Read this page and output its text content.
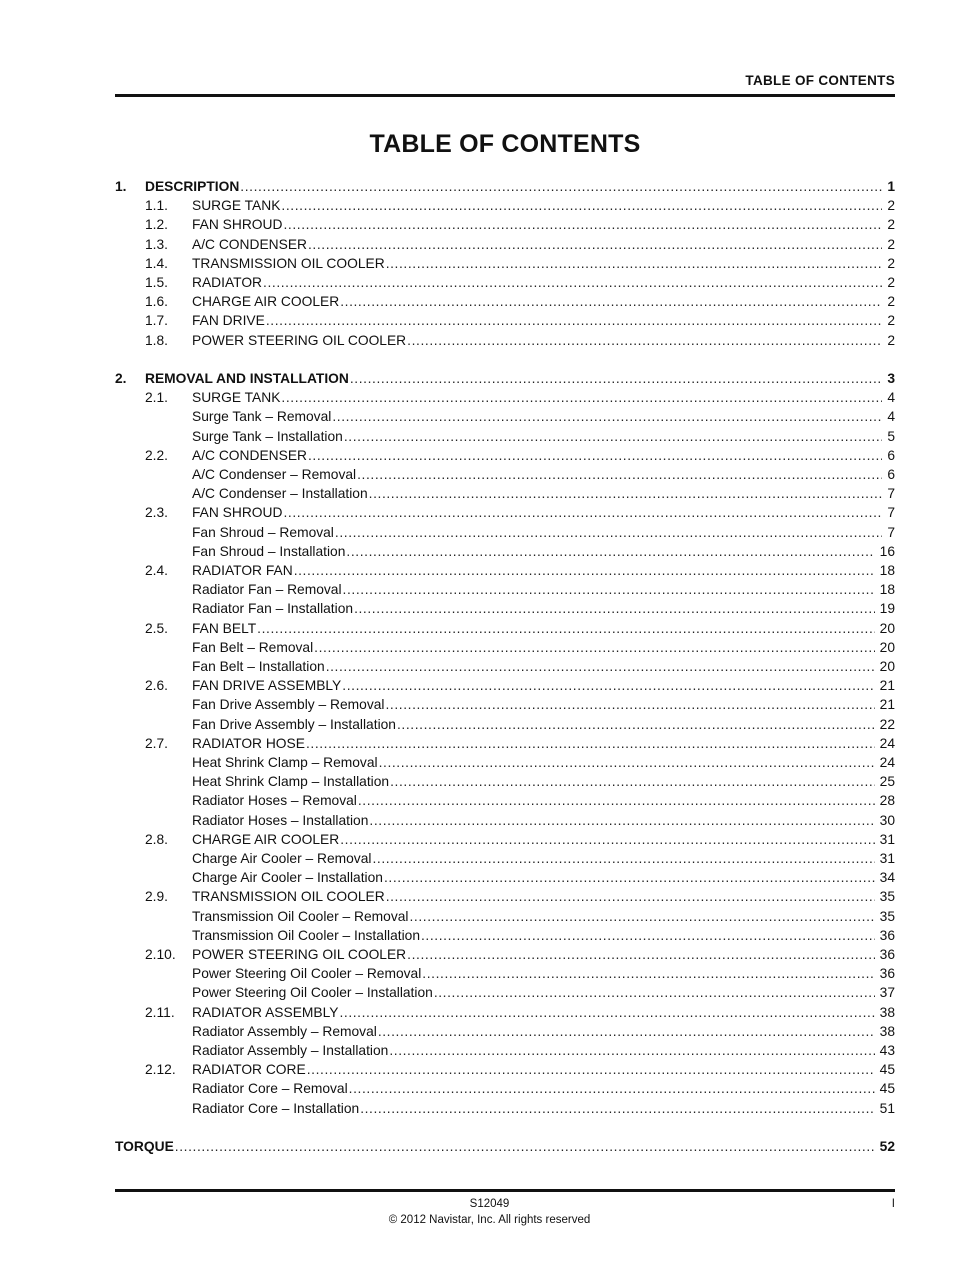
TABLE OF CONTENTS
TABLE OF CONTENTS
1.	DESCRIPTION .....	1
1.1.	SURGE TANK .....	2
1.2.	FAN SHROUD .....	2
1.3.	A/C CONDENSER .....	2
1.4.	TRANSMISSION OIL COOLER .....	2
1.5.	RADIATOR .....	2
1.6.	CHARGE AIR COOLER .....	2
1.7.	FAN DRIVE .....	2
1.8.	POWER STEERING OIL COOLER .....	2
2.	REMOVAL AND INSTALLATION .....	3
2.1.	SURGE TANK .....	4
Surge Tank – Removal .....	4
Surge Tank – Installation .....	5
2.2.	A/C CONDENSER .....	6
A/C Condenser – Removal .....	6
A/C Condenser – Installation .....	7
2.3.	FAN SHROUD .....	7
Fan Shroud – Removal .....	7
Fan Shroud – Installation .....	16
2.4.	RADIATOR FAN .....	18
Radiator Fan – Removal .....	18
Radiator Fan – Installation .....	19
2.5.	FAN BELT .....	20
Fan Belt – Removal .....	20
Fan Belt – Installation .....	20
2.6.	FAN DRIVE ASSEMBLY .....	21
Fan Drive Assembly – Removal .....	21
Fan Drive Assembly – Installation .....	22
2.7.	RADIATOR HOSE .....	24
Heat Shrink Clamp – Removal .....	24
Heat Shrink Clamp – Installation .....	25
Radiator Hoses – Removal .....	28
Radiator Hoses – Installation .....	30
2.8.	CHARGE AIR COOLER .....	31
Charge Air Cooler – Removal .....	31
Charge Air Cooler – Installation .....	34
2.9.	TRANSMISSION OIL COOLER .....	35
Transmission Oil Cooler – Removal .....	35
Transmission Oil Cooler – Installation .....	36
2.10.	POWER STEERING OIL COOLER .....	36
Power Steering Oil Cooler – Removal .....	36
Power Steering Oil Cooler – Installation .....	37
2.11.	RADIATOR ASSEMBLY .....	38
Radiator Assembly – Removal .....	38
Radiator Assembly – Installation .....	43
2.12.	RADIATOR CORE .....	45
Radiator Core – Removal .....	45
Radiator Core – Installation .....	51
TORQUE .....	52
S12049
© 2012 Navistar, Inc. All rights reserved
I
